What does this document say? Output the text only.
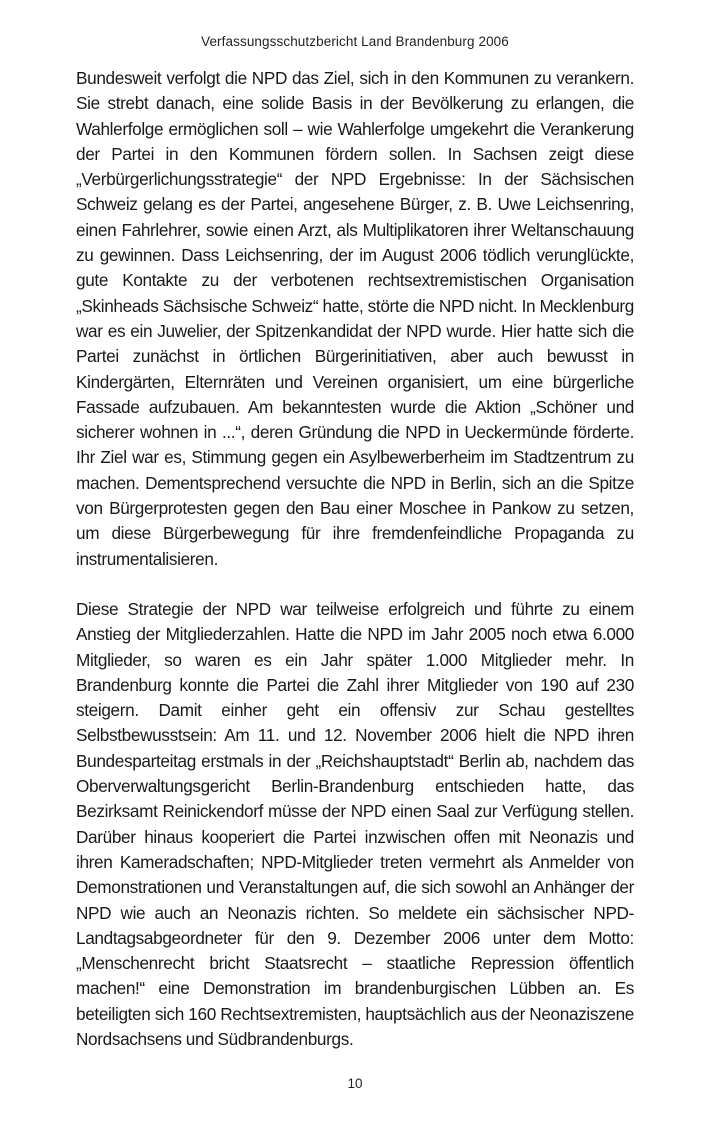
Verfassungsschutzbericht Land Brandenburg 2006

Bundesweit verfolgt die NPD das Ziel, sich in den Kommunen zu verankern. Sie strebt danach, eine solide Basis in der Bevölkerung zu erlangen, die Wahlerfolge ermöglichen soll – wie Wahlerfolge umgekehrt die Verankerung der Partei in den Kommunen fördern sollen. In Sachsen zeigt diese „Verbürgerlichungsstrategie“ der NPD Ergebnisse: In der Sächsischen Schweiz gelang es der Partei, angesehene Bürger, z. B. Uwe Leichsenring, einen Fahrlehrer, sowie einen Arzt, als Multiplikatoren ihrer Weltanschauung zu gewinnen. Dass Leichsenring, der im August 2006 tödlich verunglückte, gute Kontakte zu der verbotenen rechtsextremistischen Organisation „Skinheads Sächsische Schweiz“ hatte, störte die NPD nicht. In Mecklenburg war es ein Juwelier, der Spitzenkandidat der NPD wurde. Hier hatte sich die Partei zunächst in örtlichen Bürgerinitiativen, aber auch bewusst in Kindergärten, Elternräten und Vereinen organisiert, um eine bürgerliche Fassade aufzubauen. Am bekanntesten wurde die Aktion „Schöner und sicherer wohnen in ...“, deren Gründung die NPD in Ueckermünde förderte. Ihr Ziel war es, Stimmung gegen ein Asylbewerberheim im Stadtzentrum zu machen. Dementsprechend versuchte die NPD in Berlin, sich an die Spitze von Bürgerprotesten gegen den Bau einer Moschee in Pankow zu setzen, um diese Bürgerbewegung für ihre fremdenfeindliche Propaganda zu instrumentalisieren.

Diese Strategie der NPD war teilweise erfolgreich und führte zu einem Anstieg der Mitgliederzahlen. Hatte die NPD im Jahr 2005 noch etwa 6.000 Mitglieder, so waren es ein Jahr später 1.000 Mitglieder mehr. In Brandenburg konnte die Partei die Zahl ihrer Mitglieder von 190 auf 230 steigern. Damit einher geht ein offensiv zur Schau gestelltes Selbstbewusstsein: Am 11. und 12. November 2006 hielt die NPD ihren Bundesparteitag erstmals in der „Reichshauptstadt“ Berlin ab, nachdem das Oberverwaltungsgericht Berlin-Brandenburg entschieden hatte, das Bezirksamt Reinickendorf müsse der NPD einen Saal zur Verfügung stellen. Darüber hinaus kooperiert die Partei inzwischen offen mit Neonazis und ihren Kameradschaften; NPD-Mitglieder treten vermehrt als Anmelder von Demonstrationen und Veranstaltungen auf, die sich sowohl an Anhänger der NPD wie auch an Neonazis richten. So meldete ein sächsischer NPD-Landtagsabgeordneter für den 9. Dezember 2006 unter dem Motto: „Menschenrecht bricht Staatsrecht – staatliche Repression öffentlich machen!“ eine Demonstration im brandenburgischen Lübben an. Es beteiligten sich 160 Rechtsextremisten, hauptsächlich aus der Neonaziszene Nordsachsens und Südbrandenburgs.

10
